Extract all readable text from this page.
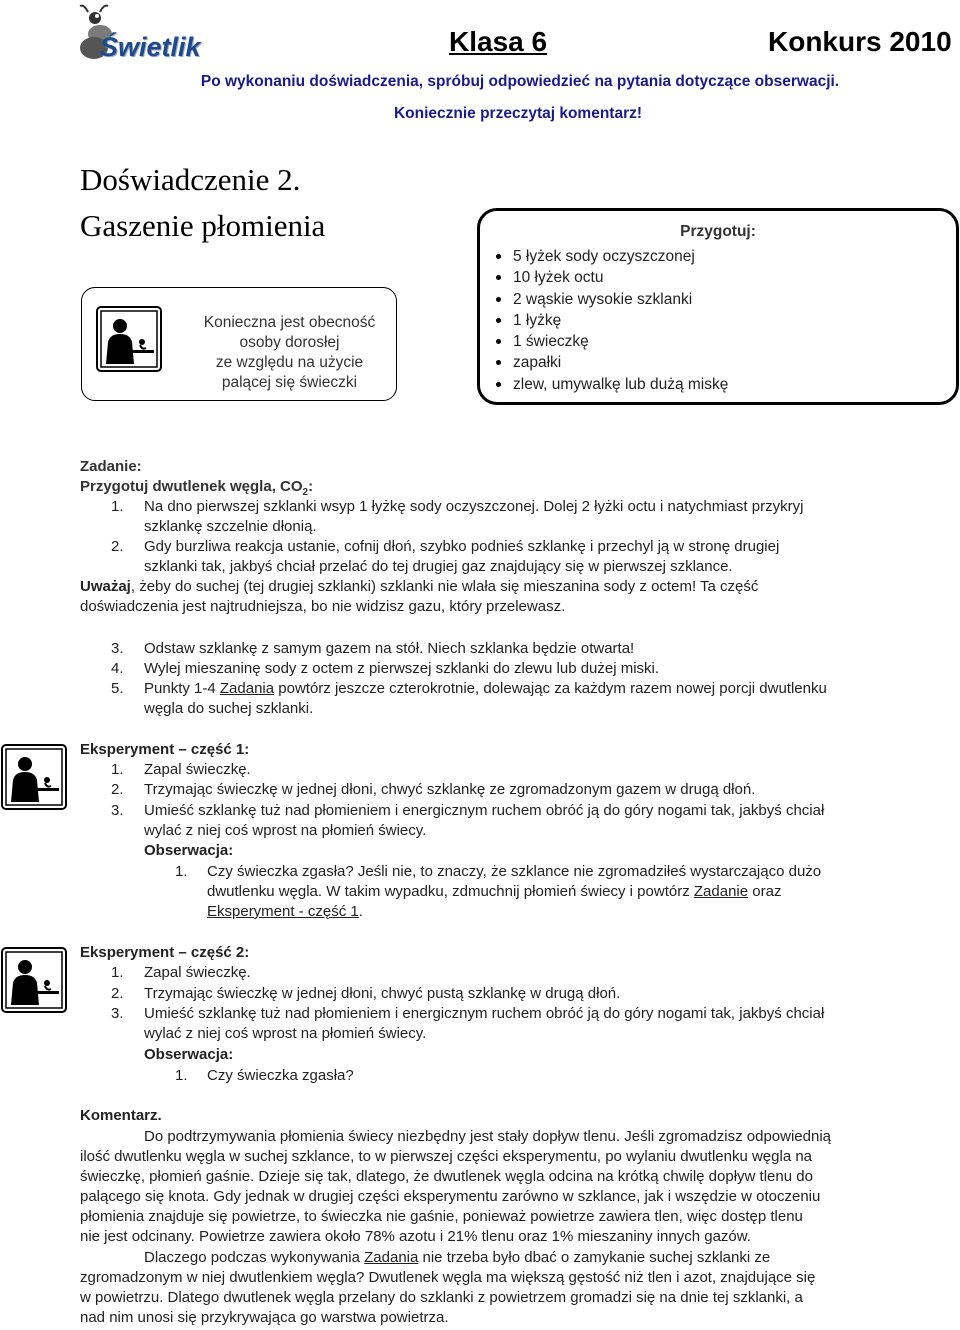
Świetlik	Klasa 6	Konkurs 2010
Po wykonaniu doświadczenia, spróbuj odpowiedzieć na pytania dotyczące obserwacji.
Koniecznie przeczytaj komentarz!
Doświadczenie 2.
Gaszenie płomienia
Konieczna jest obecność
osoby dorosłej
ze względu na użycie
palącej się świeczki
Przygotuj:
5 łyżek sody oczyszczonej
10 łyżek octu
2 wąskie wysokie szklanki
1 łyżkę
1 świeczkę
zapałki
zlew, umywalkę lub dużą miskę
Zadanie:
Przygotuj dwutlenek węgla, $CO_2$:
1. Na dno pierwszej szklanki wsyp 1 łyżkę sody oczyszczonej. Dolej 2 łyżki octu i natychmiast przykryj
szklankę szczelnie dłonią.
2. Gdy burzliwa reakcja ustanie, cofnij dłoń, szybko podnieś szklankę i przechyl ją w stronę drugiej
szklanki tak, jakbyś chciał przelać do tej drugiej gaz znajdujący się w pierwszej szklance.
Uważaj, żeby do suchej (tej drugiej szklanki) szklanki nie wlała się mieszanina sody z octem! Ta część
doświadczenia jest najtrudniejsza, bo nie widzisz gazu, który przelewasz.
3. Odstaw szklankę z samym gazem na stół. Niech szklanka będzie otwarta!
4. Wylej mieszaninę sody z octem z pierwszej szklanki do zlewu lub dużej miski.
5. Punkty 1-4 Zadania powtórz jeszcze czterokrotnie, dolewając za każdym razem nowej porcji dwutlenku
węgla do suchej szklanki.
Eksperyment – część 1:
1. Zapal świeczkę.
2. Trzymając świeczkę w jednej dłoni, chwyć szklankę ze zgromadzonym gazem w drugą dłoń.
3. Umieść szklankę tuż nad płomieniem i energicznym ruchem obróć ją do góry nogami tak, jakbyś chciał
wylać z niej coś wprost na płomień świecy.
Obserwacja:
1. Czy świeczka zgasła? Jeśli nie, to znaczy, że szklance nie zgromadziłeś wystarczająco dużo
dwutlenku węgla. W takim wypadku, zdmuchnij płomień świecy i powtórz Zadanie oraz
Eksperyment - część 1.
Eksperyment – część 2:
1. Zapal świeczkę.
2. Trzymając świeczkę w jednej dłoni, chwyć pustą szklankę w drugą dłoń.
3. Umieść szklankę tuż nad płomieniem i energicznym ruchem obróć ją do góry nogami tak, jakbyś chciał
wylać z niej coś wprost na płomień świecy.
Obserwacja:
1. Czy świeczka zgasła?
Komentarz.
Do podtrzymywania płomienia świecy niezbędny jest stały dopływ tlenu. Jeśli zgromadzisz odpowiednią
ilość dwutlenku węgla w suchej szklance, to w pierwszej części eksperymentu, po wylaniu dwutlenku węgla na
świeczkę, płomień gaśnie. Dzieje się tak, dlatego, że dwutlenek węgla odcina na krótką chwilę dopływ tlenu do
palącego się knota. Gdy jednak w drugiej części eksperymentu zarówno w szklance, jak i wszędzie w otoczeniu
płomienia znajduje się powietrze, to świeczka nie gaśnie, ponieważ powietrze zawiera tlen, więc dostęp tlenu
nie jest odcinany. Powietrze zawiera około 78% azotu i 21% tlenu oraz 1% mieszaniny innych gazów.
Dlaczego podczas wykonywania Zadania nie trzeba było dbać o zamykanie suchej szklanki ze
zgromadzonym w niej dwutlenkiem węgla? Dwutlenek węgla ma większą gęstość niż tlen i azot, znajdujące się
w powietrzu. Dlatego dwutlenek węgla przelany do szklanki z powietrzem gromadzi się na dnie tej szklanki, a
nad nim unosi się przykrywająca go warstwa powietrza.
